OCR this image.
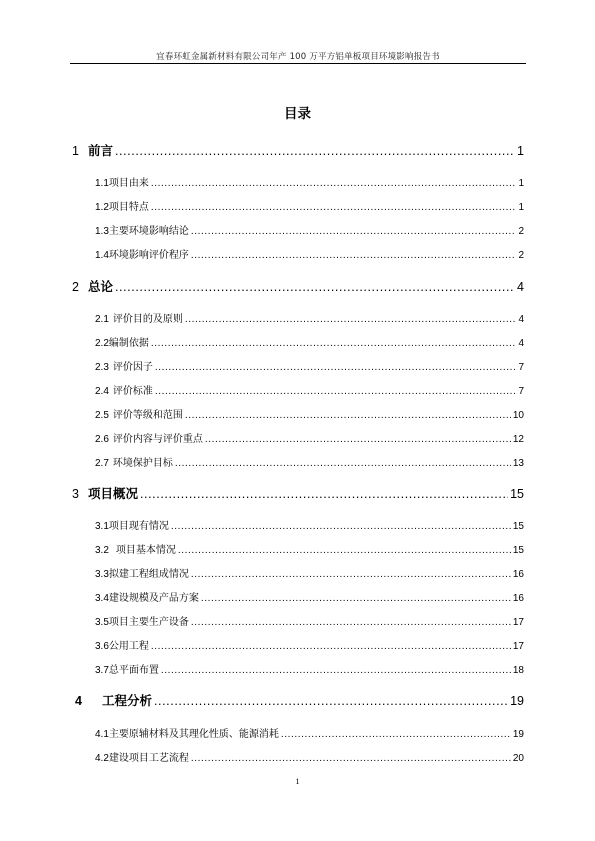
宜春环虹金属新材料有限公司年产 100 万平方铝单板项目环境影响报告书
目录
1 前言 .....	1
1.1 项目由来 .....	1
1.2 项目特点 .....	1
1.3 主要环境影响结论 .....	2
1.4 环境影响评价程序 .....	2
2 总论 .....	4
2.1 评价目的及原则 .....	4
2.2 编制依据 .....	4
2.3 评价因子 .....	7
2.4 评价标准 .....	7
2.5 评价等级和范围 .....	10
2.6 评价内容与评价重点 .....	12
2.7 环境保护目标 .....	13
3 项目概况 .....	15
3.1 项目现有情况 .....	15
3.2 项目基本情况 .....	15
3.3 拟建工程组成情况 .....	16
3.4 建设规模及产品方案 .....	16
3.5 项目主要生产设备 .....	17
3.6 公用工程 .....	17
3.7 总平面布置 .....	18
4 工程分析 .....	19
4.1 主要原辅材料及其理化性质、能源消耗 .....	19
4.2 建设项目工艺流程 .....	20
1
